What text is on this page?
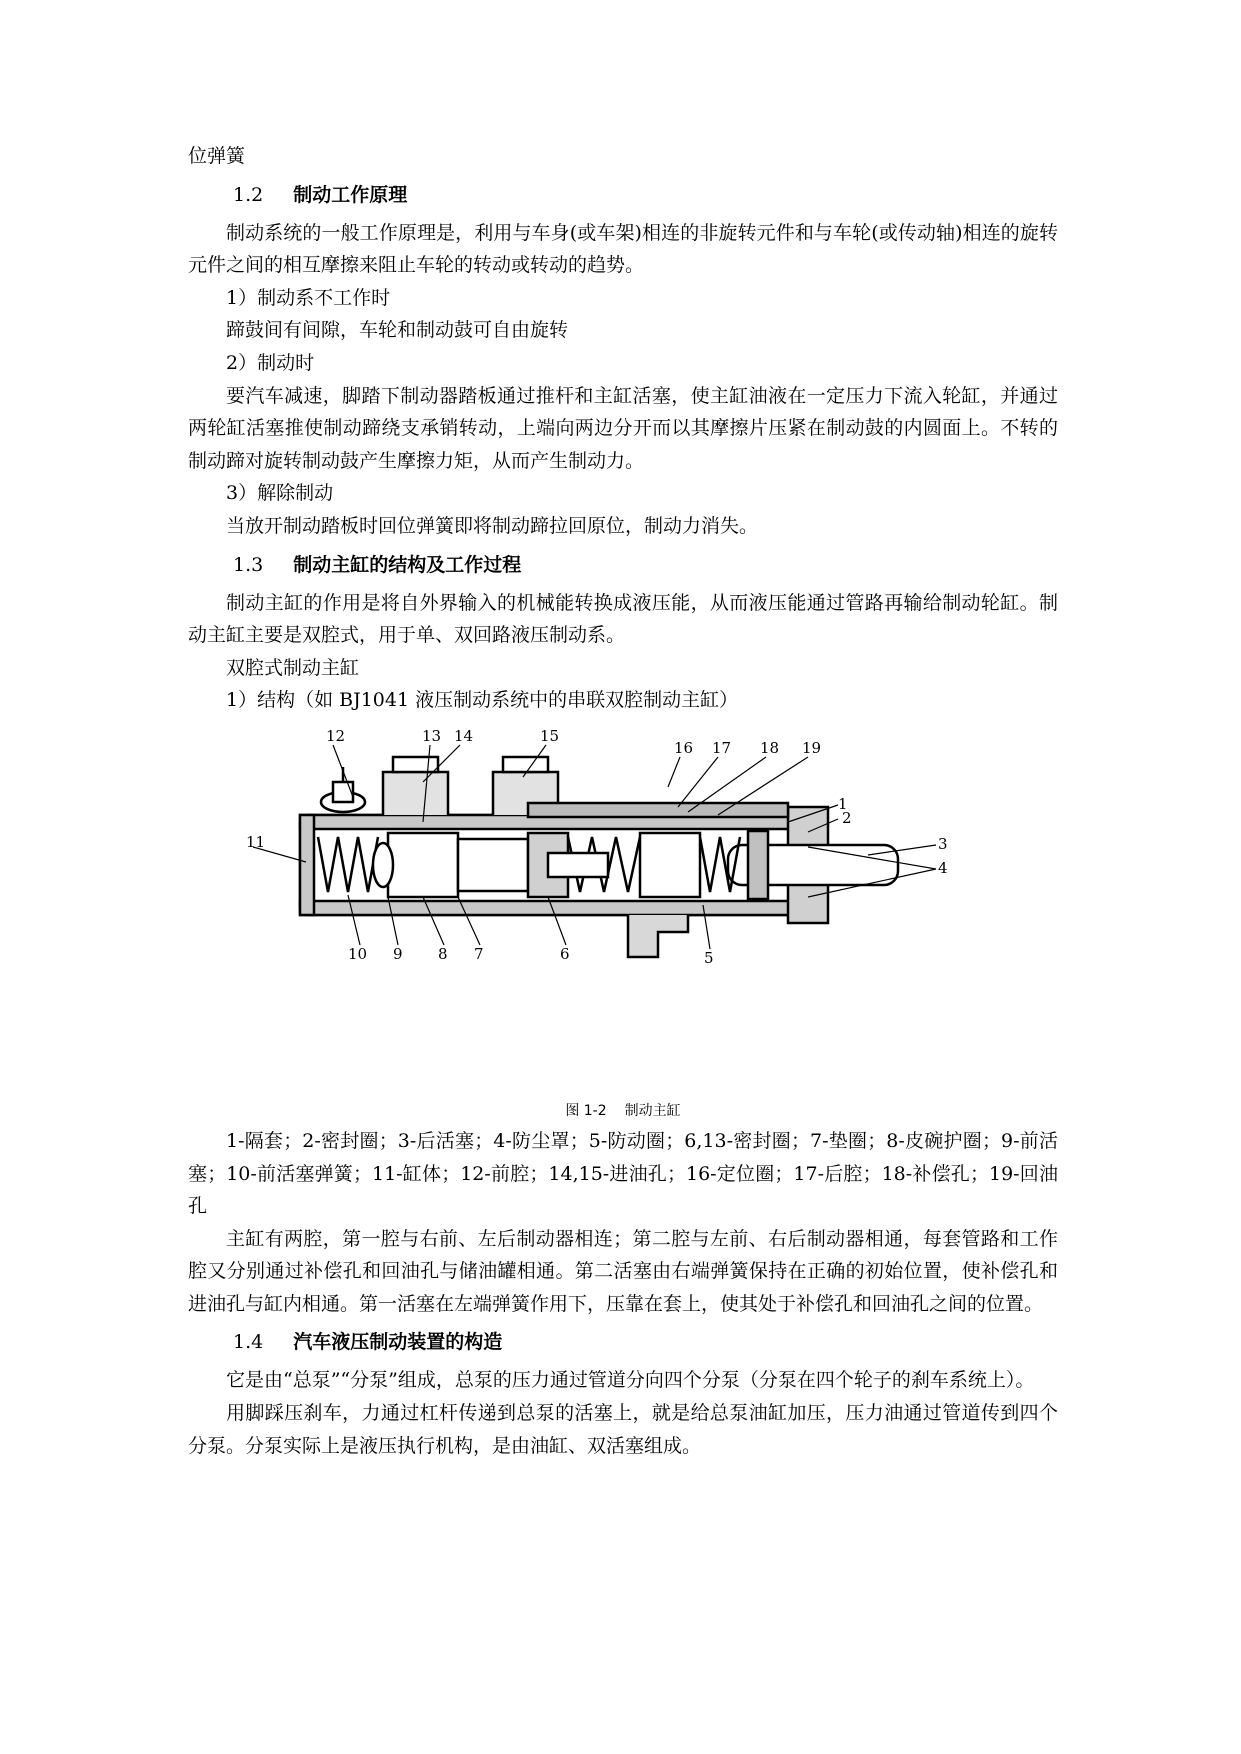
位弹簧

1.2 制动工作原理

制动系统的一般工作原理是，利用与车身(或车架)相连的非旋转元件和与车轮(或传动轴)相连的旋转元件之间的相互摩擦来阻止车轮的转动或转动的趋势。

1）制动系不工作时

蹄鼓间有间隙，车轮和制动鼓可自由旋转

2）制动时

要汽车减速，脚踏下制动器踏板通过推杆和主缸活塞，使主缸油液在一定压力下流入轮缸，并通过两轮缸活塞推使制动蹄绕支承销转动，上端向两边分开而以其摩擦片压紧在制动鼓的内圆面上。不转的制动蹄对旋转制动鼓产生摩擦力矩，从而产生制动力。

3）解除制动

当放开制动踏板时回位弹簧即将制动蹄拉回原位，制动力消失。

1.3 制动主缸的结构及工作过程

制动主缸的作用是将自外界输入的机械能转换成液压能，从而液压能通过管路再输给制动轮缸。制动主缸主要是双腔式，用于单、双回路液压制动系。

双腔式制动主缸

1）结构（如 BJ1041 液压制动系统中的串联双腔制动主缸）

1
2
3
4
5
6
7
8
9
10
11
12	13 14	15
16 17 18 19

图 1-2 制动主缸

1-隔套；2-密封圈；3-后活塞；4-防尘罩；5-防动圈；6,13-密封圈；7-垫圈；8-皮碗护圈；9-前活塞；10-前活塞弹簧；11-缸体；12-前腔；14,15-进油孔；16-定位圈；17-后腔；18-补偿孔；19-回油孔

主缸有两腔，第一腔与右前、左后制动器相连；第二腔与左前、右后制动器相通，每套管路和工作腔又分别通过补偿孔和回油孔与储油罐相通。第二活塞由右端弹簧保持在正确的初始位置，使补偿孔和进油孔与缸内相通。第一活塞在左端弹簧作用下，压靠在套上，使其处于补偿孔和回油孔之间的位置。

1.4 汽车液压制动装置的构造

它是由“总泵”“分泵”组成，总泵的压力通过管道分向四个分泵（分泵在四个轮子的刹车系统上）。

用脚踩压刹车，力通过杠杆传递到总泵的活塞上，就是给总泵油缸加压，压力油通过管道传到四个分泵。分泵实际上是液压执行机构，是由油缸、双活塞组成。
